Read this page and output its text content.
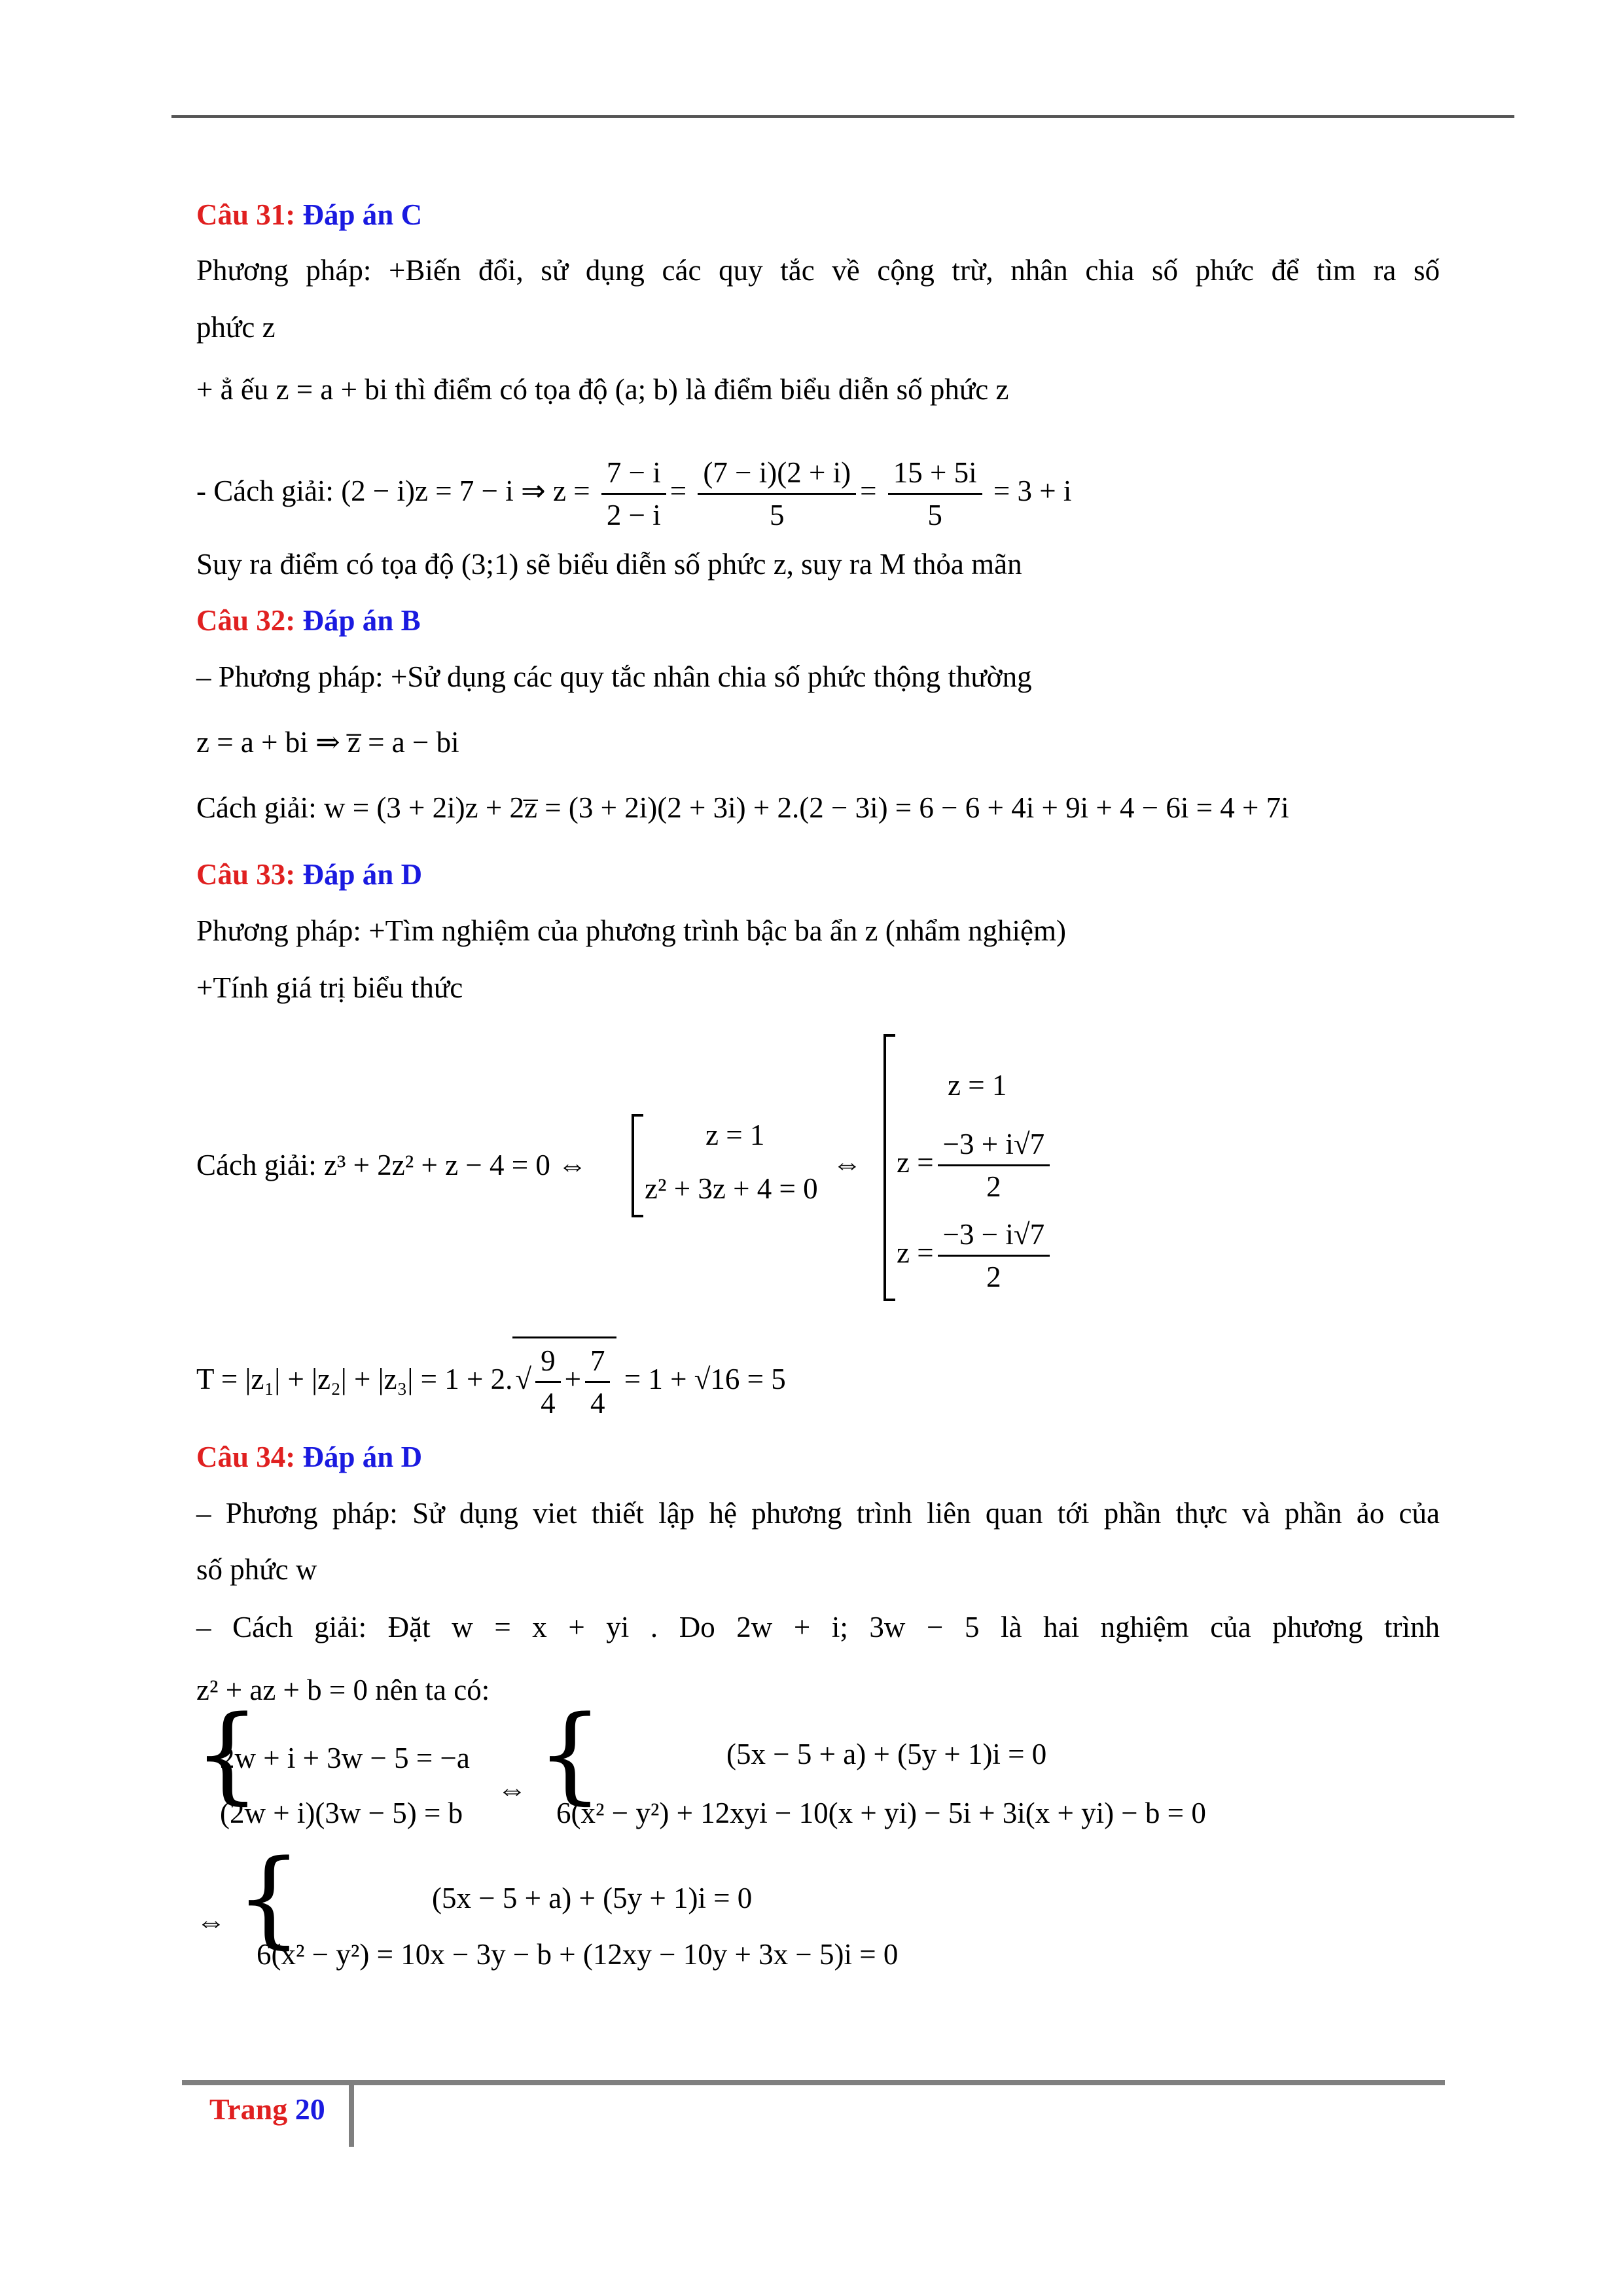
Câu 31: Đáp án C
Phương pháp: +Biến đổi, sử dụng các quy tắc về cộng trừ, nhân chia số phức để tìm ra số
phức z
+ ẳ ếu z = a + bi thì điểm có tọa độ (a; b) là điểm biểu diễn số phức z
- Cách giải: (2 − i)z = 7 − i ⇒ $z = \frac{7 - i}{2 - i} = \frac{(7 - i)(2 + i)}{5} = \frac{15 + 5i}{5} = 3 + i$
Suy ra điểm có tọa độ (3;1) sẽ biểu diễn số phức z, suy ra M thỏa mãn
Câu 32: Đáp án B
– Phương pháp: +Sử dụng các quy tắc nhân chia số phức thộng thường
z = a + bi ⇒ z̅ = a − bi
Cách giải: w = (3 + 2i)z + 2z̅ = (3 + 2i)(2 + 3i) + 2.(2 − 3i) = 6 − 6 + 4i + 9i + 4 − 6i = 4 + 7i
Câu 33: Đáp án D
Phương pháp: +Tìm nghiệm của phương trình bậc ba ẩn z (nhẩm nghiệm)
+Tính giá trị biểu thức
Cách giải: z³ + 2z² + z − 4 = 0 ⇔
z = 1
z² + 3z + 4 = 0
⇔
z = 1
$z = \frac{-3 + i√7}{2}$
$z = \frac{-3 - i√7}{2}$
$T = |z_1| + |z_2| + |z_3| = 1 + 2.√ \frac{9}{4} + \frac{7}{4} = 1 + √16 = 5$
Câu 34: Đáp án D
– Phương pháp: Sử dụng viet thiết lập hệ phương trình liên quan tới phần thực và phần ảo của
số phức w
– Cách giải: Đặt w = x + yi . Do 2w + i; 3w − 5 là hai nghiệm của phương trình
z² + az + b = 0 nên ta có:
{
2w + i + 3w − 5 = −a
(2w + i)(3w − 5) = b
⇔ {	(5x − 5 + a) + (5y + 1)i = 0
6(x² − y²) + 12xyi − 10(x + yi) − 5i + 3i(x + yi) − b = 0
⇔ {	(5x − 5 + a) + (5y + 1)i = 0
6(x² − y²) = 10x − 3y − b + (12xy − 10y + 3x − 5)i = 0
Trang 20
